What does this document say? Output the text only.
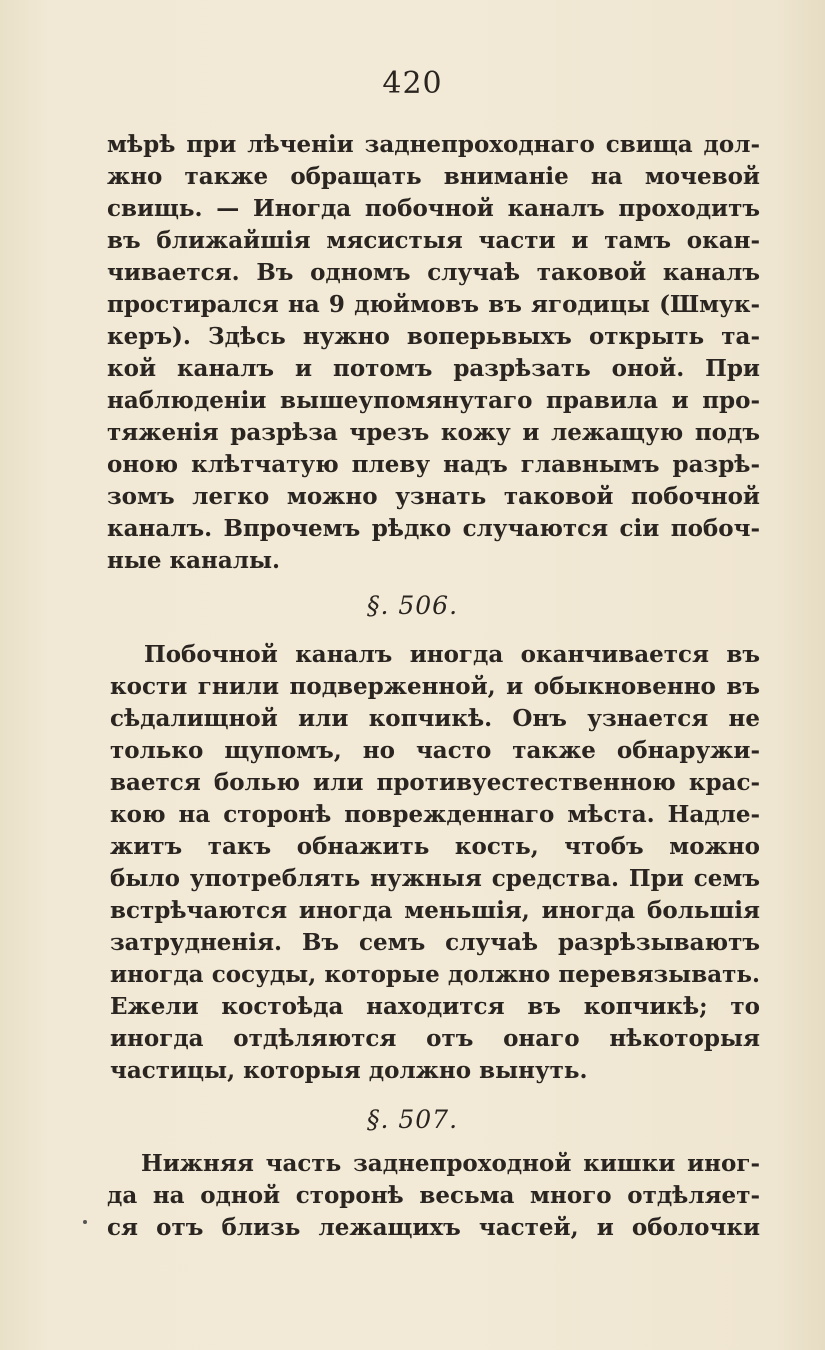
420
мѣрѣ при лѣченіи заднепроходнаго свища дол-
жно также обращать вниманіе на мочевой
свищь. — Иногда побочной каналъ проходитъ
въ ближайшія мясистыя части и тамъ окан-
чивается. Въ одномъ случаѣ таковой каналъ
простирался на 9 дюймовъ въ ягодицы (Шмук-
керъ). Здѣсь нужно воперьвыхъ открыть та-
кой каналъ и потомъ разрѣзать оной. При
наблюденіи вышеупомянутаго правила и про-
тяженія разрѣза чрезъ кожу и лежащую подъ
оною клѣтчатую плеву надъ главнымъ разрѣ-
зомъ легко можно узнать таковой побочной
каналъ. Впрочемъ рѣдко случаются сіи побоч-
ные каналы.
§. 506.
Побочной каналъ иногда оканчивается въ
кости гнили подверженной, и обыкновенно въ
сѣдалищной или копчикѣ. Онъ узнается не
только щупомъ, но часто также обнаружи-
вается болью или противуестественною крас-
кою на сторонѣ поврежденнаго мѣста. Надле-
житъ такъ обнажить кость, чтобъ можно
было употреблять нужныя средства. При семъ
встрѣчаются иногда меньшія, иногда большія
затрудненія. Въ семъ случаѣ разрѣзываютъ
иногда сосуды, которые должно перевязывать.
Ежели костоѣда находится въ копчикѣ; то
иногда отдѣляются отъ онаго нѣкоторыя
частицы, которыя должно вынуть.
§. 507.
Нижняя часть заднепроходной кишки иног-
да на одной сторонѣ весьма много отдѣляет-
ся отъ близь лежащихъ частей, и оболочки
